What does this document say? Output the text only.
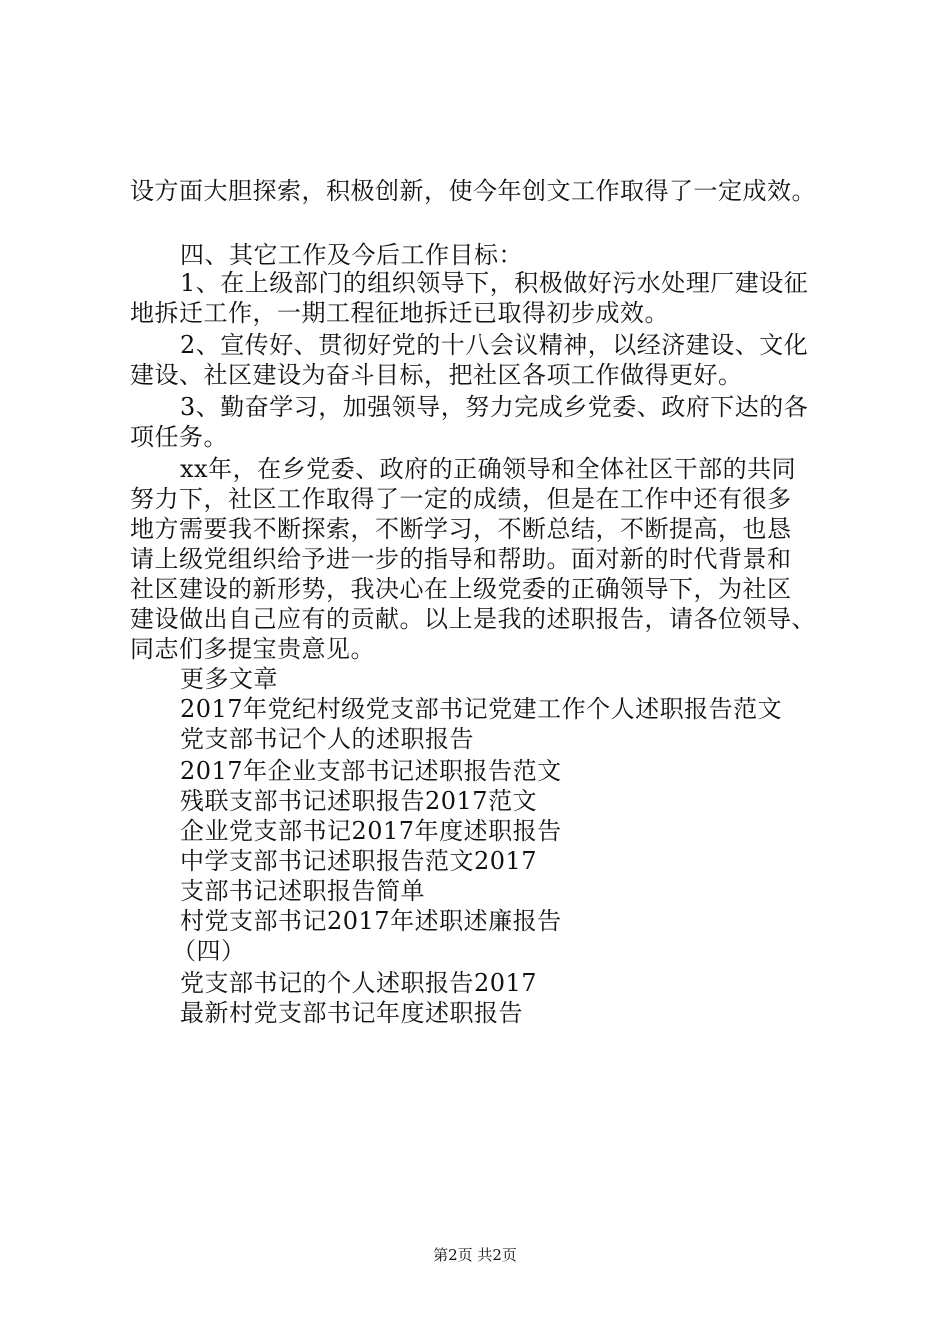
设方面大胆探索，积极创新，使今年创文工作取得了一定成效。
四、其它工作及今后工作目标：
1、在上级部门的组织领导下，积极做好污水处理厂建设征
地拆迁工作，一期工程征地拆迁已取得初步成效。
2、宣传好、贯彻好党的十八会议精神，以经济建设、文化
建设、社区建设为奋斗目标，把社区各项工作做得更好。
3、勤奋学习，加强领导，努力完成乡党委、政府下达的各
项任务。
xx年，在乡党委、政府的正确领导和全体社区干部的共同
努力下，社区工作取得了一定的成绩，但是在工作中还有很多
地方需要我不断探索，不断学习，不断总结，不断提高，也恳
请上级党组织给予进一步的指导和帮助。面对新的时代背景和
社区建设的新形势，我决心在上级党委的正确领导下，为社区
建设做出自己应有的贡献。以上是我的述职报告，请各位领导、
同志们多提宝贵意见。
更多文章
2017年党纪村级党支部书记党建工作个人述职报告范文
党支部书记个人的述职报告
2017年企业支部书记述职报告范文
残联支部书记述职报告2017范文
企业党支部书记2017年度述职报告
中学支部书记述职报告范文2017
支部书记述职报告简单
村党支部书记2017年述职述廉报告
（四）
党支部书记的个人述职报告2017
最新村党支部书记年度述职报告
第2页 共2页
